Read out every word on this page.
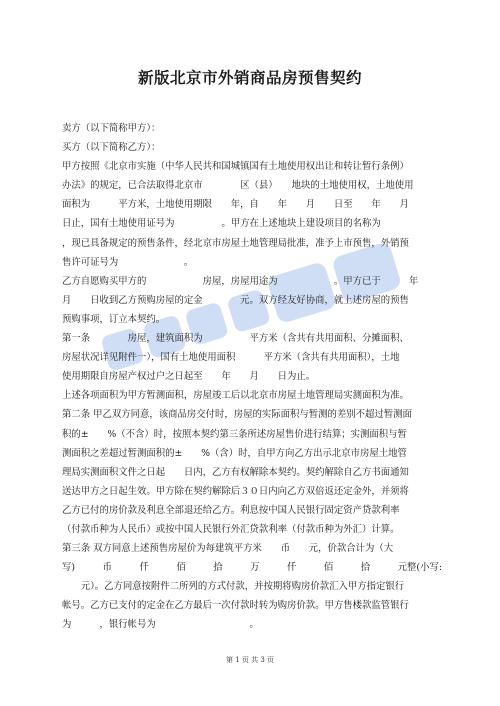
新版北京市外销商品房预售契约
卖方（以下简称甲方）：
买方（以下简称乙方）：
甲方按照《北京市实施（中华人民共和国城镇国有土地使用权出让和转让暂行条例）
办法》的规定，已合法取得北京市　　　　区（县）　　地块的土地使用权，土地使用
面积为　　　平方米，土地使用期限　　年，自　　年　　月　　日至　　年　　月
日止，国有土地使用证号为　　　　　。甲方在上述地块上建设项目的名称为
，现已具备规定的预售条件，经北京市房屋土地管理局批准，准予上市预售，外销预
售许可证号为　　　　　　　。
乙方自愿购买甲方的　　　　　　房屋，房屋用途为　　　　　　。甲方已于　　　年
月　　日收到乙方预购房屋的定金　　　　元。双方经友好协商，就上述房屋的预售
预购事项，订立本契约。
第一条　　　　房屋，建筑面积为　　　　　平方米（含共有共用面积、分摊面积、
房屋状况详见附件一），国有土地使用面积　　　平方米（含共有共用面积），土地
使用期限自房屋产权过户之日起至　　年　　月　　日为止。
上述各项面积为甲方暂测面积，房屋竣工后以北京市房屋土地管理局实测面积为准。
第二条 甲乙双方同意，该商品房交付时，房屋的实际面积与暂测的差别不超过暂测面
积的±　　%（不含）时，按照本契约第三条所述房屋售价进行结算；实测面积与暂
测面积之差超过暂测面积的±　　%（含）时，自甲方向乙方出示北京市房屋土地管
理局实测面积文件之日起　　日内，乙方有权解除本契约。契约解除自乙方书面通知
送达甲方之日起生效。甲方除在契约解除后３０日内向乙方双倍返还定金外，并须将
乙方已付的房价款及利息全部退还给乙方。利息按中国人民银行固定资产贷款利率
（付款币种为人民币）或按中国人民银行外汇贷款利率（付款币种为外汇）计算。
第三条 双方同意上述预售房屋价为每建筑平方米　　币　　元，价款合计为（大
写)	币	仟	佰	拾	万	仟	佰	拾	元整(小写:
　　元）。乙方同意按附件二所列的方式付款，并按期将购房价款汇入甲方指定银行
帐号。乙方已支付的定金在乙方最后一次付款时转为购房价款。甲方售楼款监管银行
为　　　，银行帐号为　　　　　　　　　　。
第 1 页 共 3 页
